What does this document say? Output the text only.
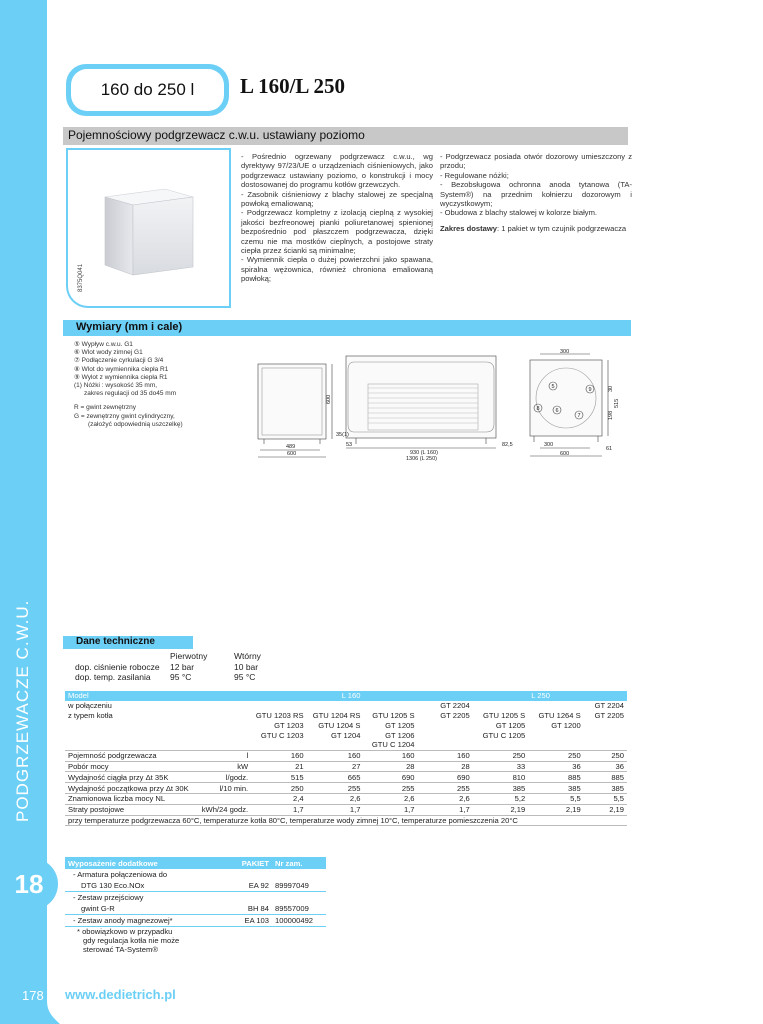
PODGRZEWACZE C.W.U.
18
178 www.dedietrich.pl
160 do 250 l	L 160/L 250
Pojemnościowy podgrzewacz c.w.u. ustawiany poziomo
8375Q041

- Pośrednio ogrzewany podgrzewacz c.w.u., wg dyrektywy 97/23/UE o urządzeniach ciśnieniowych, jako podgrzewacz ustawiany poziomo, o konstrukcji i mocy dostosowanej do programu kotłów grzewczych.

- Zasobnik ciśnieniowy z blachy stalowej ze specjalną powłoką emaliowaną;

- Podgrzewacz kompletny z izolacją cieplną z wysokiej jakości bezfreonowej pianki poliuretanowej spienionej bezpośrednio pod płaszczem podgrzewacza, dzięki czemu nie ma mostków cieplnych, a postojowe straty ciepła przez ścianki są minimalne;

- Wymiennik ciepła o dużej powierzchni jako spawana, spiralna wężownica, również chroniona emaliowaną powłoką;

- Podgrzewacz posiada otwór dozorowy umieszczony z przodu;

- Regulowane nóżki;

- Bezobsługowa ochronna anoda tytanowa (TA-System®) na przednim kołnierzu dozorowym i wyczystkowym;

- Obudowa z blachy stalowej w kolorze białym.

Zakres dostawy: 1 pakiet w tym czujnik podgrzewacza

Wymiary (mm i cale)
⑤ Wypływ c.w.u. G1
⑥ Wlot wody zimnej G1
⑦ Podłączenie cyrkulacji G 3/4
⑧ Wlot do wymiennika ciepła R1
⑨ Wylot z wymiennika ciepła R1
(1) Nóżki : wysokość 35 mm,
zakres regulacji od 35 do45 mm
R = gwint zewnętrzny
G = zewnętrzny gwint cylindryczny,
(założyć odpowiednią uszczelkę)
489
600
600
35(1)
53
930 (L 160)
1306 (L 250)
82,5
300
5	9
8	6
7
30
198
515
300
600
61
Dane techniczne
Pierwotny	Wtórny
dop. ciśnienie robocze 12 bar	10 bar
dop. temp. zasilania 95 °C	95 °C
Model		L 160						L 250	
w połączeniu						GT 2204			GT 2204
z typem kotła		GTU 1203 RS	GTU 1204 RS	GTU 1205 S		GT 2205	GTU 1205 S	GTU 1264 S	GT 2205
		GT 1203	GTU 1204 S	GT 1205			GT 1205	GT 1200	
		GTU C 1203	GT 1204	GT 1206			GTU C 1205		
				GTU C 1204					
Pojemność podgrzewacza	l	160	160	160		160	250	250	250
Pobór mocy	kW	21	27	28		28	33	36	36
Wydajność ciągła przy Δt 35K	l/godz.	515	665	690		690	810	885	885
Wydajność początkowa przy Δt 30K	l/10 min.	250	255	255		255	385	385	385
Znamionowa liczba mocy NL		2,4	2,6	2,6		2,6	5,2	5,5	5,5
Straty postojowe	kWh/24 godz.	1,7	1,7	1,7		1,7	2,19	2,19	2,19
przy temperaturze podgrzewacza 60°C, temperaturze kotła 80°C, temperaturze wody zimnej 10°C, temperaturze pomieszczenia 20°C									
Wyposażenie dodatkowe	PAKIET	Nr zam.
- Armatura połączeniowa do		
DTG 130 Eco.NOx	EA 92	89997049
- Zestaw przejściowy		
gwint G-R	BH 84	89557009
- Zestaw anody magnezowej*	EA 103	100000492
* obowiązkowo w przypadku		
gdy regulacja kotła nie może		
sterować TA-System®		
